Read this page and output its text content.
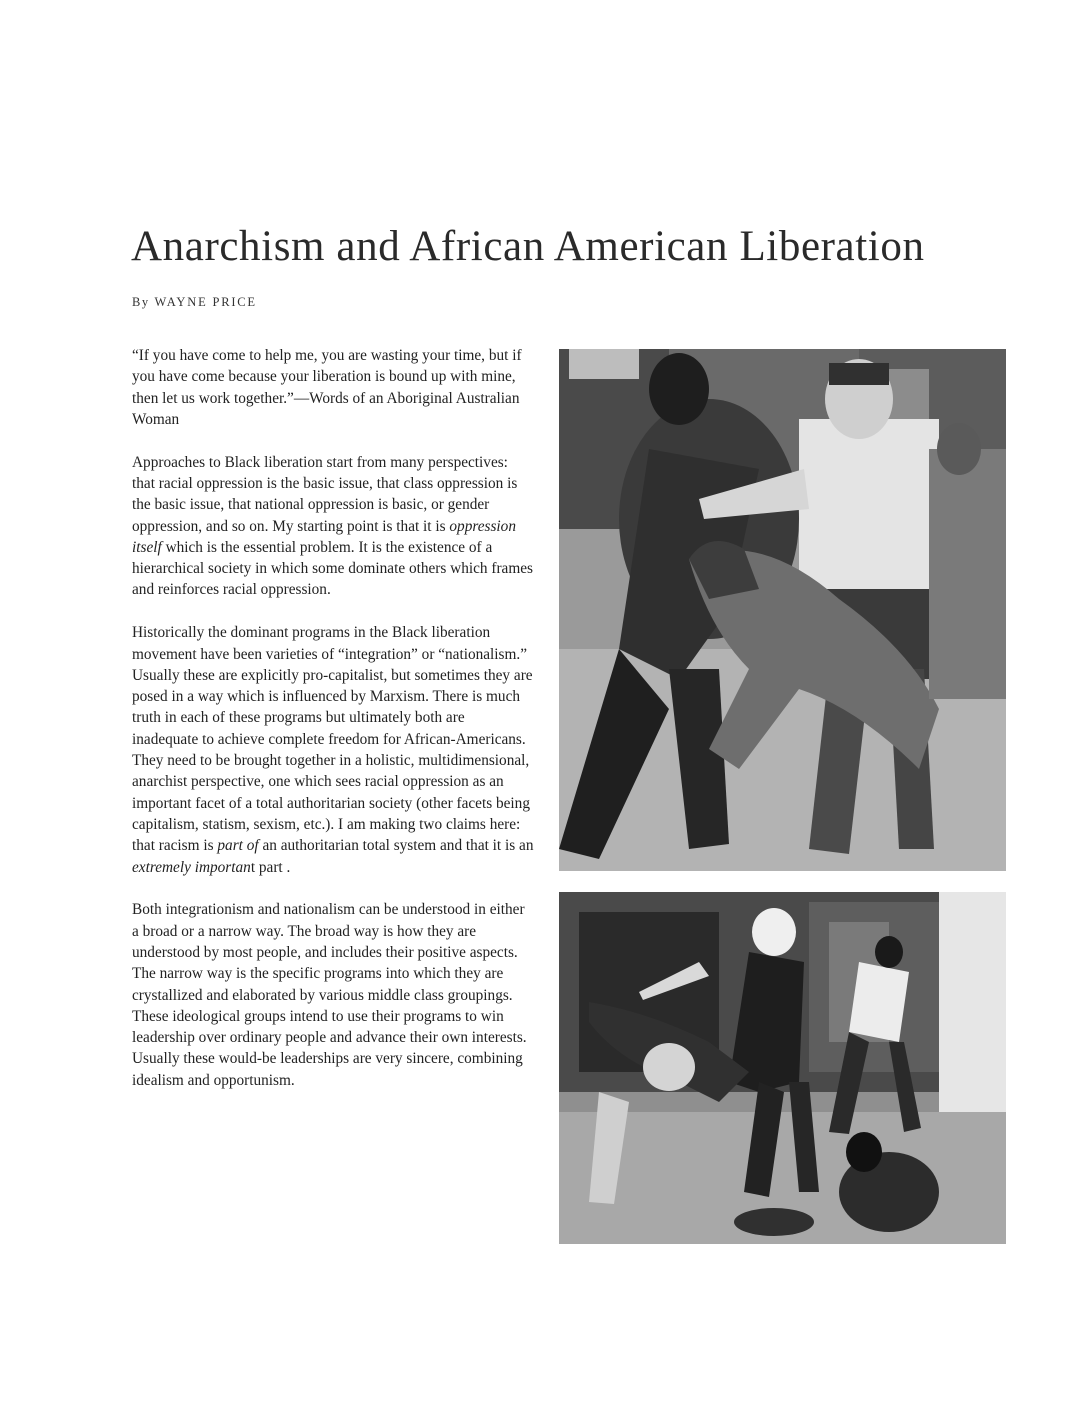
Anarchism and African American Liberation
By WAYNE PRICE

“If you have come to help me, you are wasting your time, but if you have come because your liberation is bound up with mine, then let us work together.”—Words of an Aboriginal Australian Woman

Approaches to Black liberation start from many perspectives: that racial oppression is the basic issue, that class oppression is the basic issue, that national oppression is basic, or gender oppression, and so on. My starting point is that it is oppression itself which is the essential problem. It is the existence of a hierarchical society in which some dominate others which frames and reinforces racial oppression.

Historically the dominant programs in the Black liberation movement have been varieties of “integration” or “nationalism.” Usually these are explicitly pro-capitalist, but sometimes they are posed in a way which is influenced by Marxism. There is much truth in each of these programs but ultimately both are inadequate to achieve complete freedom for African-Americans. They need to be brought together in a holistic, multidimensional, anarchist perspective, one which sees racial oppression as an important facet of a total authoritarian society (other facets being capitalism, statism, sexism, etc.). I am making two claims here: that racism is part of an authoritarian total system and that it is an extremely important part .

Both integrationism and nationalism can be understood in either a broad or a narrow way. The broad way is how they are understood by most people, and includes their positive aspects. The narrow way is the specific programs into which they are crystallized and elaborated by various middle class groupings. These ideological groups intend to use their programs to win leadership over ordinary people and advance their own interests. Usually these would-be leaderships are very sincere, combining idealism and opportunism.
